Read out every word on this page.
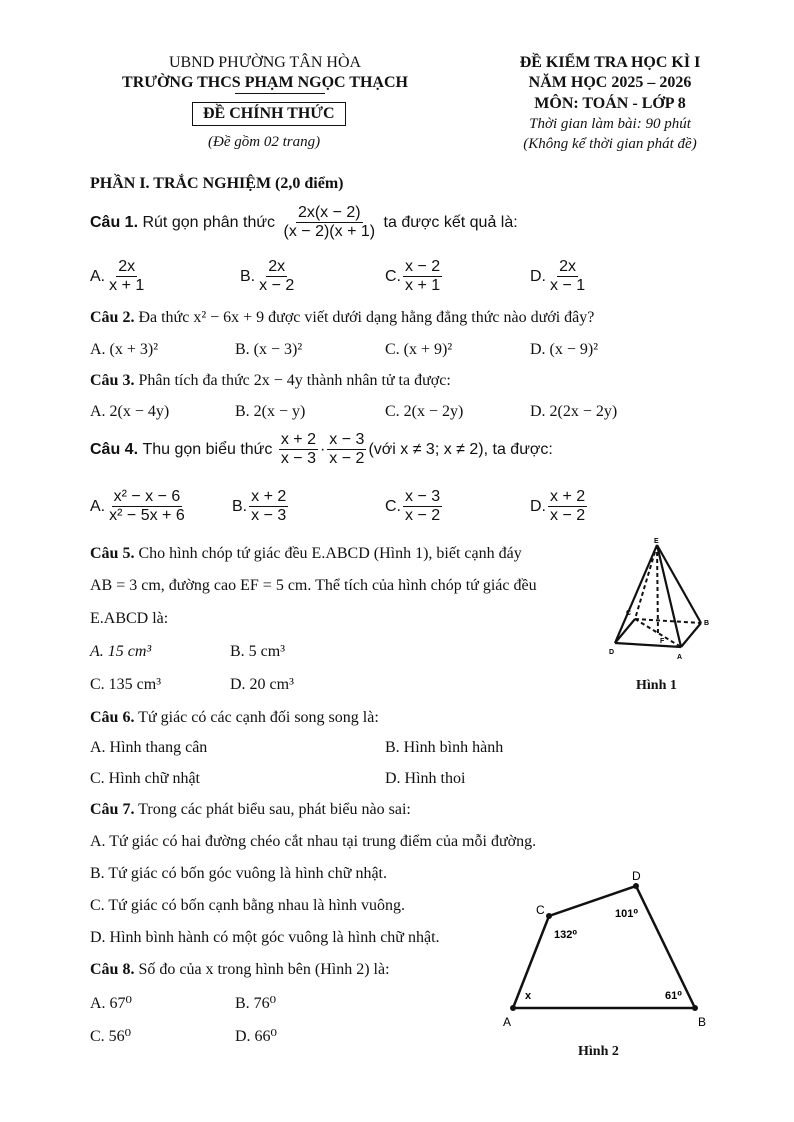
UBND PHƯỜNG TÂN HÒA
TRƯỜNG THCS PHẠM NGỌC THẠCH
ĐỀ CHÍNH THỨC
(Đề gồm 02 trang)
ĐỀ KIỂM TRA HỌC KÌ I
NĂM HỌC 2025 – 2026
MÔN: TOÁN - LỚP 8
Thời gian làm bài: 90 phút
(Không kể thời gian phát đề)
PHẦN I. TRẮC NGHIỆM (2,0 điểm)
Câu 1.
Rút gọn phân thức
$\frac{2x(x - 2)}{(x - 2)(x + 1)}$
ta được kết quả là:
A. $\frac{2x}{x + 1}$	B. $\frac{2x}{x - 2}$	C. $\frac{x - 2}{x + 1}$	D. $\frac{2x}{x - 1}$
Câu 2. Đa thức x² − 6x + 9 được viết dưới dạng hằng đẳng thức nào dưới đây?
A. (x + 3)²	B. (x − 3)²	C. (x + 9)²	D. (x − 9)²
Câu 3. Phân tích đa thức 2x − 4y thành nhân tử ta được:
A. 2(x − 4y)	B. 2(x − y)	C. 2(x − 2y)	D. 2(2x − 2y)
Câu 4.
Thu gọn biểu thức
$\frac{x + 2}{x - 3} \cdot \frac{x - 3}{x - 2}$ (với x ≠ 3; x ≠ 2), ta được:
A. $\frac{\text{x² − x − 6}}{\text{x² − 5x + 6}}$	B. $\frac{x + 2}{x - 3}$	C. $\frac{x - 3}{x - 2}$	D. $\frac{x + 2}{x - 2}$
Câu 5. Cho hình chóp tứ giác đều E.ABCD (Hình 1), biết cạnh đáy
AB = 3 cm, đường cao EF = 5 cm. Thể tích của hình chóp tứ giác đều
E.ABCD là:
A. 15 cm³	B. 5 cm³
C. 135 cm³	D. 20 cm³
E
C
B
D
A
F
Hình 1
Câu 6. Tứ giác có các cạnh đối song song là:
A. Hình thang cân	B. Hình bình hành
C. Hình chữ nhật	D. Hình thoi
Câu 7. Trong các phát biểu sau, phát biểu nào sai:
A. Tứ giác có hai đường chéo cắt nhau tại trung điểm của mỗi đường.
B. Tứ giác có bốn góc vuông là hình chữ nhật.
C. Tứ giác có bốn cạnh bằng nhau là hình vuông.
D. Hình bình hành có một góc vuông là hình chữ nhật.
Câu 8. Số đo của x trong hình bên (Hình 2) là:
A. 67⁰	B. 76⁰
C. 56⁰	D. 66⁰
A	B
D
C
132⁰
101⁰
61⁰
x
Hình 2
